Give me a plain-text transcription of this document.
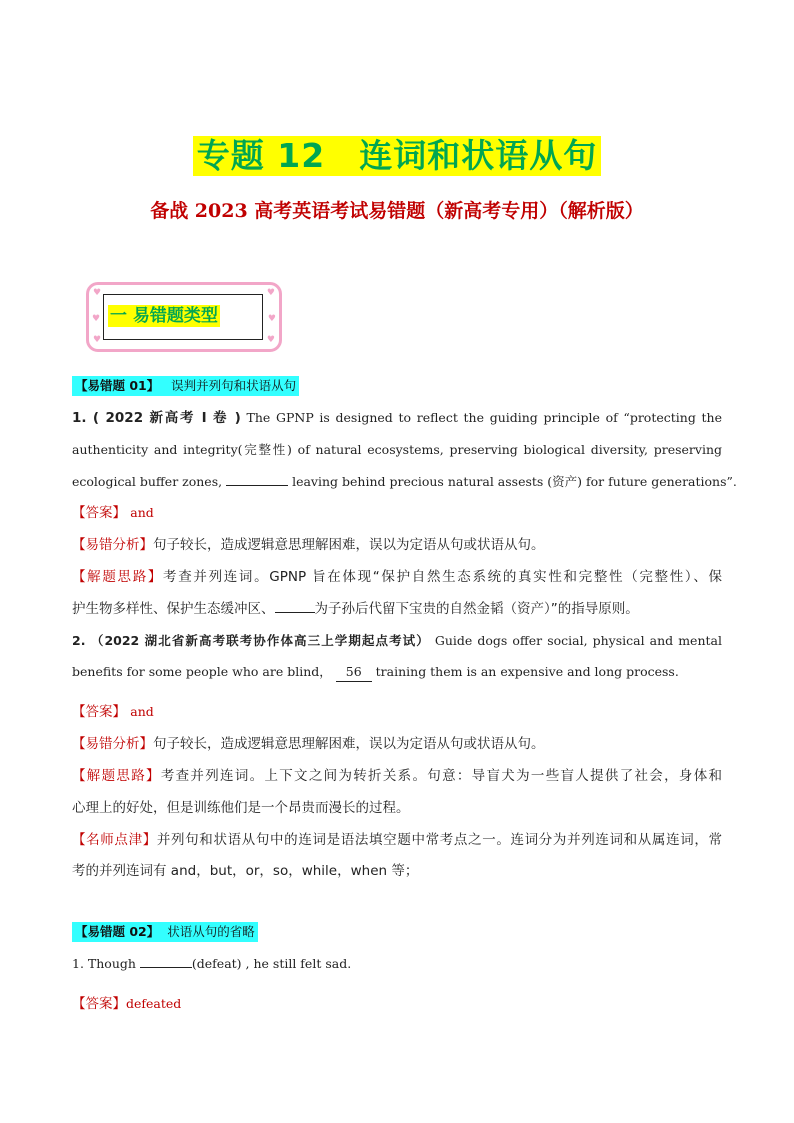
专题 12　连词和状语从句
备战 2023 高考英语考试易错题（新高考专用）（解析版）
♥	♥
♥	♥
♥	♥
一 易错题类型
【易错题 01】 误判并列句和状语从句
1. ( 2022 新高考 I 卷 ) The GPNP is designed to reflect the guiding principle of “protecting the
authenticity and integrity(完整性) of natural ecosystems, preserving biological diversity, preserving
ecological buffer zones,	leaving behind precious natural assests (资产) for future generations”.
【答案】 and
【易错分析】句子较长，造成逻辑意思理解困难，误以为定语从句或状语从句。
【解题思路】考查并列连词。GPNP 旨在体现“保护自然生态系统的真实性和完整性（完整性）、保
护生物多样性、保护生态缓冲区、	为子孙后代留下宝贵的自然金韬（资产）”的指导原则。
2. （2022 湖北省新高考联考协作体高三上学期起点考试） Guide dogs offer social, physical and mental
benefits for some people who are blind， 56 training them is an expensive and long process.
【答案】 and
【易错分析】句子较长，造成逻辑意思理解困难，误以为定语从句或状语从句。
【解题思路】考查并列连词。上下文之间为转折关系。句意：导盲犬为一些盲人提供了社会，身体和
心理上的好处，但是训练他们是一个昂贵而漫长的过程。
【名师点津】并列句和状语从句中的连词是语法填空题中常考点之一。连词分为并列连词和从属连词，常
考的并列连词有 and，but，or，so，while，when 等；
【易错题 02】 状语从句的省略
1. Though	(defeat) , he still felt sad.
【答案】defeated
